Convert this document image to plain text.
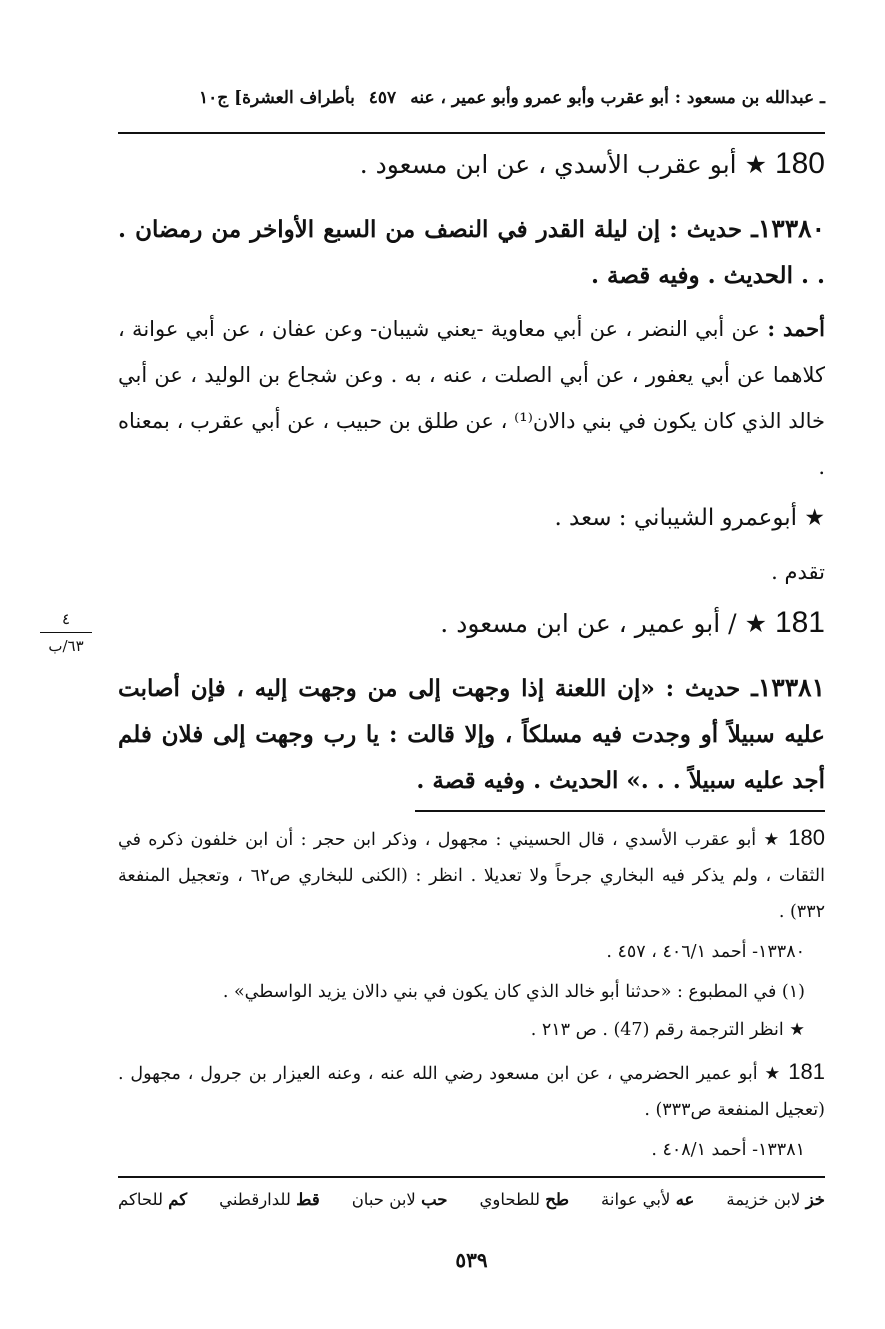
ـ عبدالله بن مسعود : أبو عقرب وأبو عمرو وأبو عمير ، عنه٤٥٧بأطراف العشرة] ج١٠
180 ★ أبو عقرب الأسدي ، عن ابن مسعود .
١٣٣٨٠ـ حديث : إن ليلة القدر في النصف من السبع الأواخر من رمضان . . . الحديث . وفيه قصة .
أحمد : عن أبي النضر ، عن أبي معاوية -يعني شيبان- وعن عفان ، عن أبي عوانة ، كلاهما عن أبي يعفور ، عن أبي الصلت ، عنه ، به . وعن شجاع بن الوليد ، عن أبي خالد الذي كان يكون في بني دالان⁽¹⁾ ، عن طلق بن حبيب ، عن أبي عقرب ، بمعناه .
★ أبوعمرو الشيباني : سعد .
تقدم .
181 ★ / أبو عمير ، عن ابن مسعود .
١٣٣٨١ـ حديث : «إن اللعنة إذا وجهت إلى من وجهت إليه ، فإن أصابت عليه سبيلاً أو وجدت فيه مسلكاً ، وإلا قالت : يا رب وجهت إلى فلان فلم أجد عليه سبيلاً . . .» الحديث . وفيه قصة .
180 ★ أبو عقرب الأسدي ، قال الحسيني : مجهول ، وذكر ابن حجر : أن ابن خلفون ذكره في الثقات ، ولم يذكر فيه البخاري جرحاً ولا تعديلا . انظر : (الكنى للبخاري ص٦٢ ، وتعجيل المنفعة ٣٣٢) .
١٣٣٨٠- أحمد ٤٠٦/١ ، ٤٥٧ .
(١) في المطبوع : «حدثنا أبو خالد الذي كان يكون في بني دالان يزيد الواسطي» .
★ انظر الترجمة رقم (47) . ص ٢١٣ .
181 ★ أبو عمير الحضرمي ، عن ابن مسعود رضي الله عنه ، وعنه العيزار بن جرول ، مجهول . (تعجيل المنفعة ص٣٣٣) .
١٣٣٨١- أحمد ٤٠٨/١ .
خز لابن خزيمة
عه لأبي عوانة
طح للطحاوي
حب لابن حبان
قط للدارقطني
كم للحاكم
٥٣٩
٤
٦٣/ب
